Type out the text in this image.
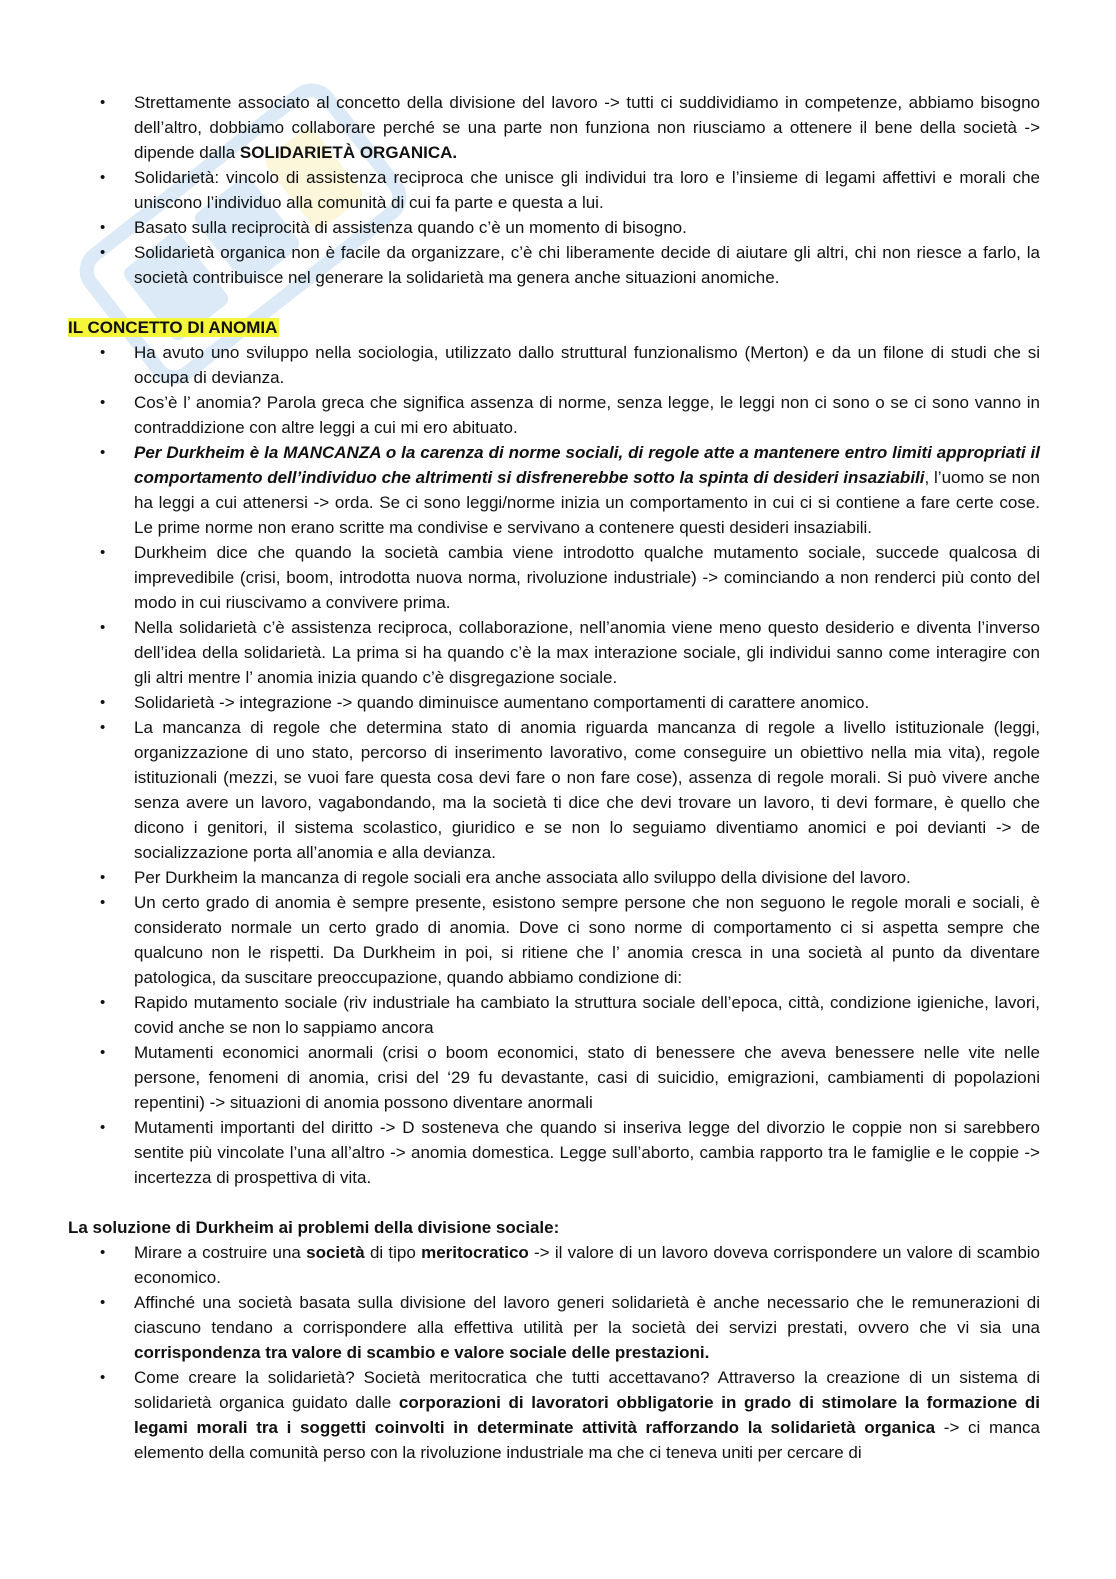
• Strettamente associato al concetto della divisione del lavoro -> tutti ci suddividiamo in competenze, abbiamo bisogno dell’altro, dobbiamo collaborare perché se una parte non funziona non riusciamo a ottenere il bene della società -> dipende dalla SOLIDARIETÀ ORGANICA.
• Solidarietà: vincolo di assistenza reciproca che unisce gli individui tra loro e l’insieme di legami affettivi e morali che uniscono l’individuo alla comunità di cui fa parte e questa a lui.
• Basato sulla reciprocità di assistenza quando c’è un momento di bisogno.
• Solidarietà organica non è facile da organizzare, c’è chi liberamente decide di aiutare gli altri, chi non riesce a farlo, la società contribuisce nel generare la solidarietà ma genera anche situazioni anomiche.
IL CONCETTO DI ANOMIA
• Ha avuto uno sviluppo nella sociologia, utilizzato dallo struttural funzionalismo (Merton) e da un filone di studi che si occupa di devianza.
• Cos’è l’ anomia? Parola greca che significa assenza di norme, senza legge, le leggi non ci sono o se ci sono vanno in contraddizione con altre leggi a cui mi ero abituato.
• Per Durkheim è la MANCANZA o la carenza di norme sociali, di regole atte a mantenere entro limiti appropriati il comportamento dell’individuo che altrimenti si disfrenerebbe sotto la spinta di desideri insaziabili, l’uomo se non ha leggi a cui attenersi -> orda. Se ci sono leggi/norme inizia un comportamento in cui ci si contiene a fare certe cose. Le prime norme non erano scritte ma condivise e servivano a contenere questi desideri insaziabili.
• Durkheim dice che quando la società cambia viene introdotto qualche mutamento sociale, succede qualcosa di imprevedibile (crisi, boom, introdotta nuova norma, rivoluzione industriale) -> cominciando a non renderci più conto del modo in cui riuscivamo a convivere prima.
• Nella solidarietà c’è assistenza reciproca, collaborazione, nell’anomia viene meno questo desiderio e diventa l’inverso dell’idea della solidarietà. La prima si ha quando c’è la max interazione sociale, gli individui sanno come interagire con gli altri mentre l’ anomia inizia quando c’è disgregazione sociale.
• Solidarietà -> integrazione -> quando diminuisce aumentano comportamenti di carattere anomico.
• La mancanza di regole che determina stato di anomia riguarda mancanza di regole a livello istituzionale (leggi, organizzazione di uno stato, percorso di inserimento lavorativo, come conseguire un obiettivo nella mia vita), regole istituzionali (mezzi, se vuoi fare questa cosa devi fare o non fare cose), assenza di regole morali. Si può vivere anche senza avere un lavoro, vagabondando, ma la società ti dice che devi trovare un lavoro, ti devi formare, è quello che dicono i genitori, il sistema scolastico, giuridico e se non lo seguiamo diventiamo anomici e poi devianti -> de socializzazione porta all’anomia e alla devianza.
• Per Durkheim la mancanza di regole sociali era anche associata allo sviluppo della divisione del lavoro.
• Un certo grado di anomia è sempre presente, esistono sempre persone che non seguono le regole morali e sociali, è considerato normale un certo grado di anomia. Dove ci sono norme di comportamento ci si aspetta sempre che qualcuno non le rispetti. Da Durkheim in poi, si ritiene che l’ anomia cresca in una società al punto da diventare patologica, da suscitare preoccupazione, quando abbiamo condizione di:
• Rapido mutamento sociale (riv industriale ha cambiato la struttura sociale dell’epoca, città, condizione igieniche, lavori, covid anche se non lo sappiamo ancora
• Mutamenti economici anormali (crisi o boom economici, stato di benessere che aveva benessere nelle vite nelle persone, fenomeni di anomia, crisi del ‘29 fu devastante, casi di suicidio, emigrazioni, cambiamenti di popolazioni repentini) -> situazioni di anomia possono diventare anormali
• Mutamenti importanti del diritto -> D sosteneva che quando si inseriva legge del divorzio le coppie non si sarebbero sentite più vincolate l’una all’altro -> anomia domestica. Legge sull’aborto, cambia rapporto tra le famiglie e le coppie -> incertezza di prospettiva di vita.
La soluzione di Durkheim ai problemi della divisione sociale:
• Mirare a costruire una società di tipo meritocratico -> il valore di un lavoro doveva corrispondere un valore di scambio economico.
• Affinché una società basata sulla divisione del lavoro generi solidarietà è anche necessario che le remunerazioni di ciascuno tendano a corrispondere alla effettiva utilità per la società dei servizi prestati, ovvero che vi sia una corrispondenza tra valore di scambio e valore sociale delle prestazioni.
• Come creare la solidarietà? Società meritocratica che tutti accettavano? Attraverso la creazione di un sistema di solidarietà organica guidato dalle corporazioni di lavoratori obbligatorie in grado di stimolare la formazione di legami morali tra i soggetti coinvolti in determinate attività rafforzando la solidarietà organica -> ci manca elemento della comunità perso con la rivoluzione industriale ma che ci teneva uniti per cercare di
